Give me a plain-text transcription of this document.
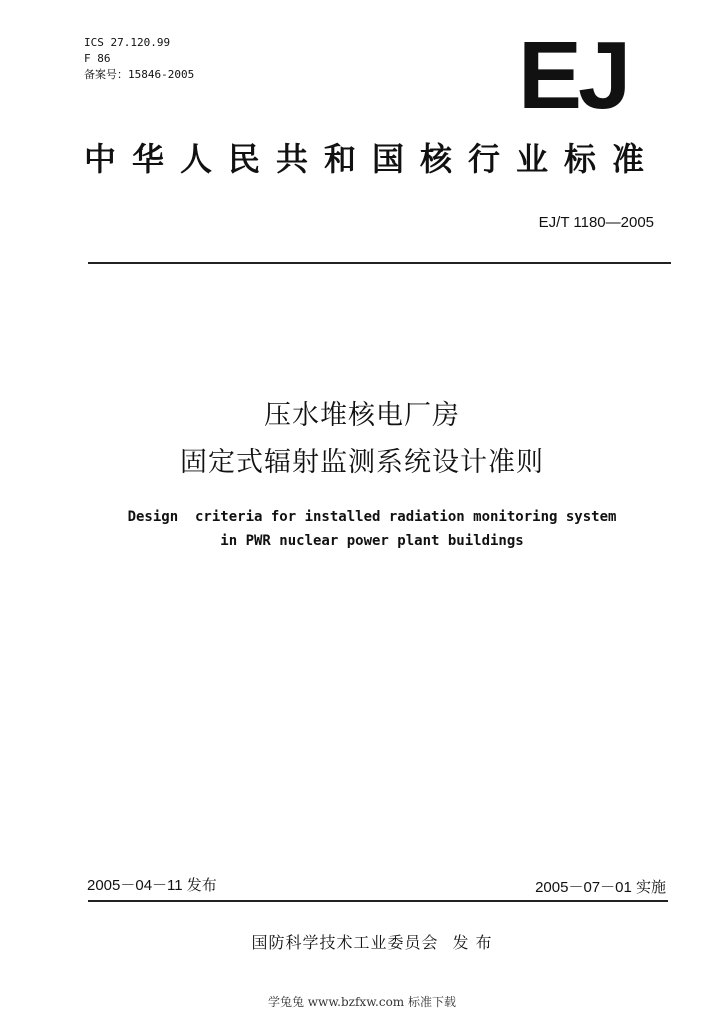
ICS 27.120.99
F 86
备案号：15846-2005	EJ
中华人民共和国核行业标准
EJ/T 1180—2005
压水堆核电厂房
固定式辐射监测系统设计准则
Design  criteria for installed radiation monitoring system
in PWR nuclear power plant buildings
2005－04－11 发布	2005－07－01 实施
国防科学技术工业委员会 发 布
学兔兔 www.bzfxw.com 标准下载
